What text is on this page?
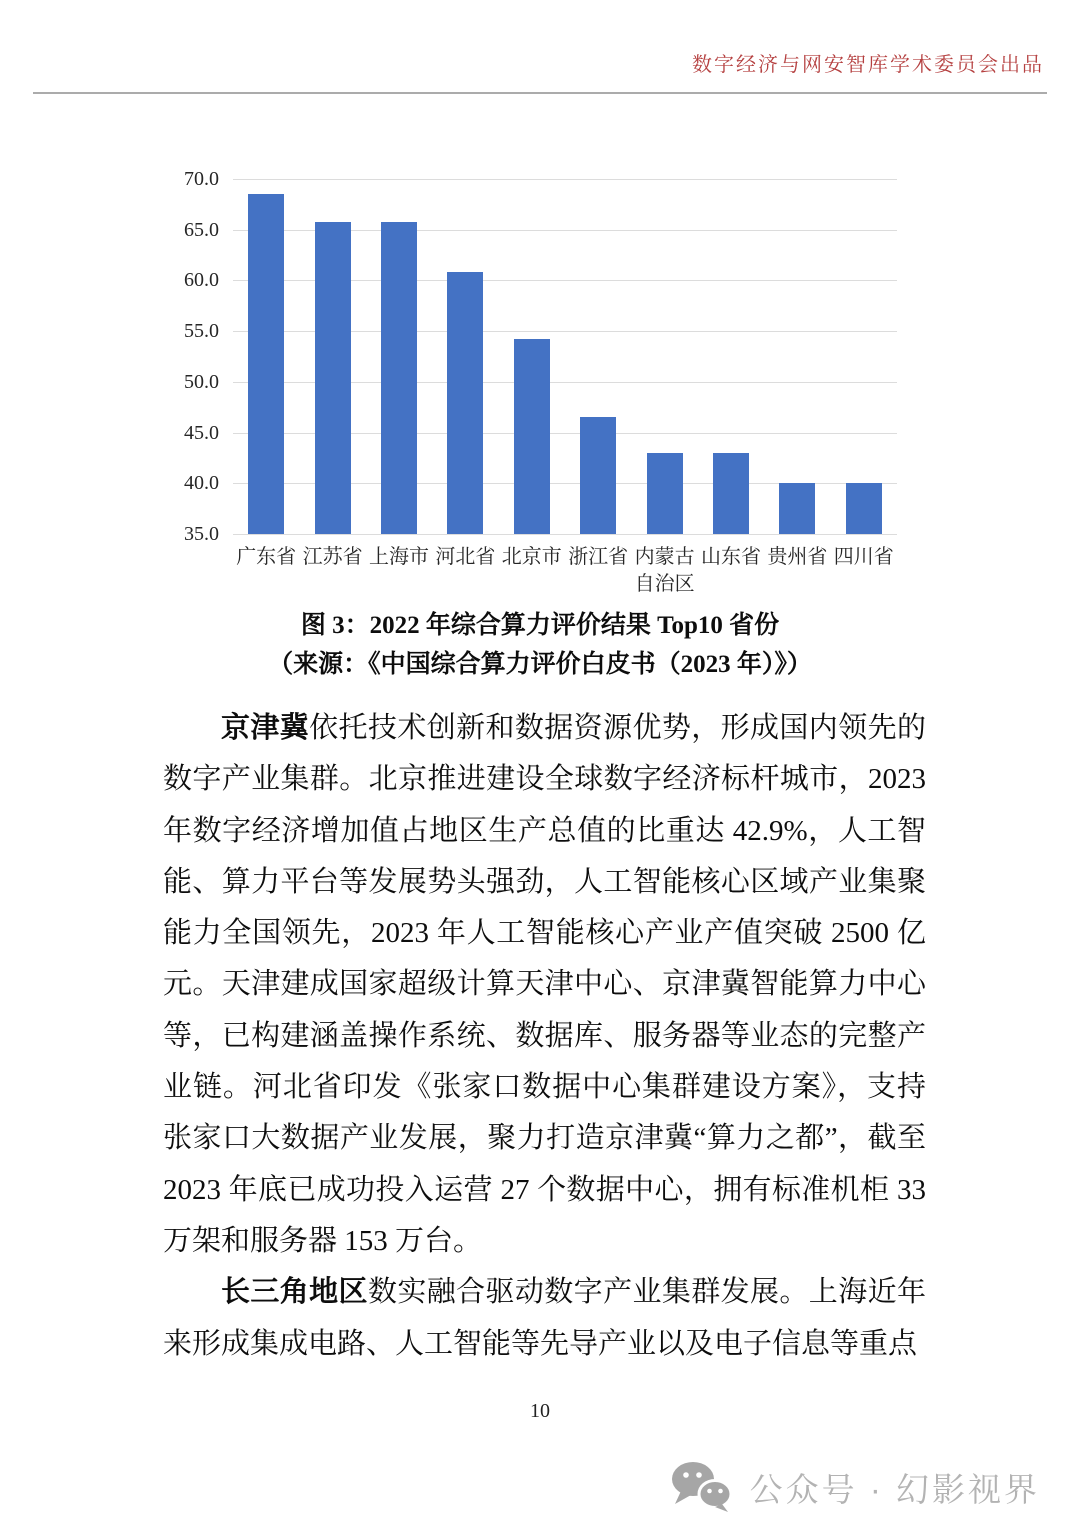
数字经济与网安智库学术委员会出品
70.0
65.0
60.0
55.0
50.0
45.0
40.0
35.0
广东省 江苏省 上海市 河北省 北京市 浙江省 内蒙古自治区
山东省 贵州省 四川省
图 3：2022 年综合算力评价结果 Top10 省份
（来源：《中国综合算力评价白皮书（2023 年）》）

京津冀依托技术创新和数据资源优势，形成国内领先的数字产业集群。北京推进建设全球数字经济标杆城市，2023 年数字经济增加值占地区生产总值的比重达 42.9%，人工智能、算力平台等发展势头强劲，人工智能核心区域产业集聚能力全国领先，2023 年人工智能核心产业产值突破 2500 亿元。天津建成国家超级计算天津中心、京津冀智能算力中心等，已构建涵盖操作系统、数据库、服务器等业态的完整产业链。河北省印发《张家口数据中心集群建设方案》，支持张家口大数据产业发展，聚力打造京津冀“算力之都”，截至 2023 年底已成功投入运营 27 个数据中心，拥有标准机柜 33 万架和服务器 153 万台。

长三角地区数实融合驱动数字产业集群发展。上海近年来形成集成电路、人工智能等先导产业以及电子信息等重点

10
公众号 · 幻影视界
